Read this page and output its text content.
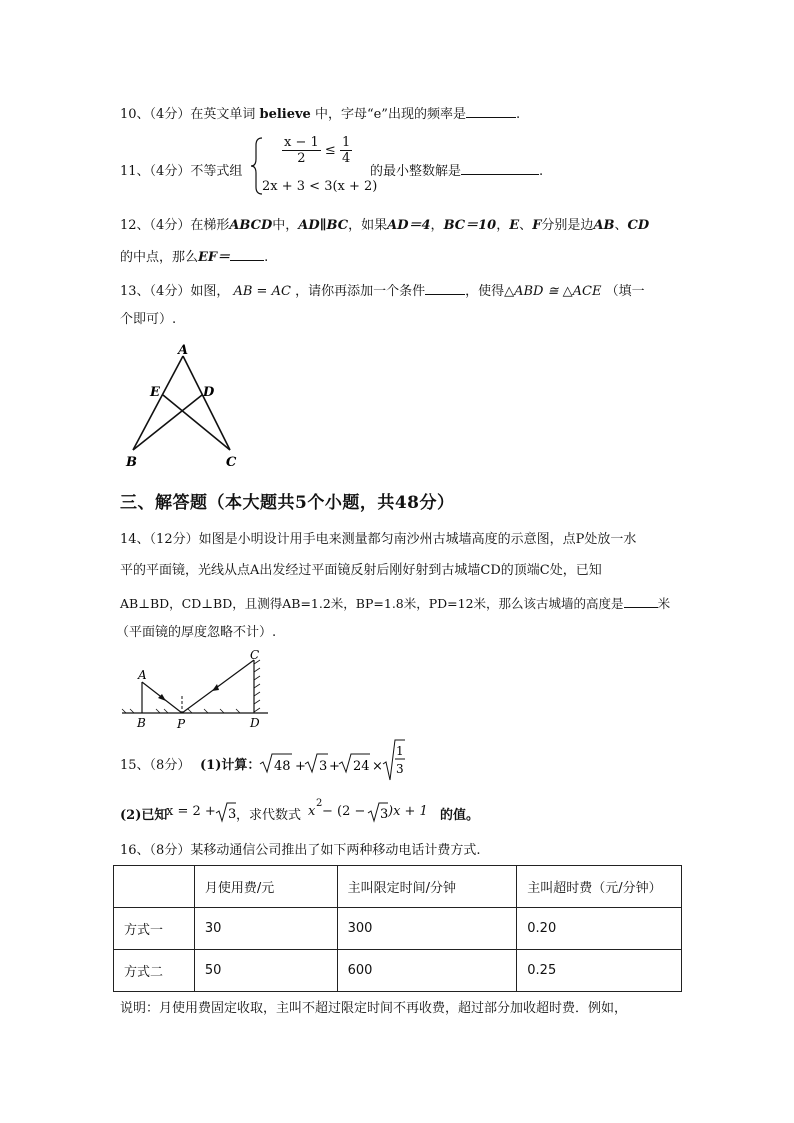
10、（4分）在英文单词 believe 中，字母“e”出现的频率是	.
11、（4分）不等式组
$\frac{x - 1}{2} \le \frac{1}{4}$
2x + 3 < 3(x + 2)
的最小整数解是	.
12、（4分）在梯形ABCD中，AD∥BC，如果AD＝4，BC＝10，E、F分别是边AB、CD
的中点，那么EF＝	.
13、（4分）如图， AB = AC ，请你再添加一个条件	，使得△ABD ≅ △ACE （填一
个即可）.
A
E	D
B	C
三、解答题（本大题共5个小题，共48分）
14、（12分）如图是小明设计用手电来测量都匀南沙州古城墙高度的示意图，点P处放一水
平的平面镜，光线从点A出发经过平面镜反射后刚好射到古城墙CD的顶端C处，已知
AB⊥BD，CD⊥BD，且测得AB=1.2米，BP=1.8米，PD=12米，那么该古城墙的高度是	米
（平面镜的厚度忽略不计）.
A
B	P	D
C
15、（8分） (1)计算： 48 + 3 + 24 ×
1
3
(2)已知
x = 2 + 3 ，求代数式 x
2
− (2 − 3 )x + 1 的值。
16、（8分）某移动通信公司推出了如下两种移动电话计费方式.
	月使用费/元	主叫限定时间/分钟	主叫超时费（元/分钟）
方式一	30	300	0.20
方式二	50	600	0.25
说明：月使用费固定收取，主叫不超过限定时间不再收费，超过部分加收超时费．例如，
